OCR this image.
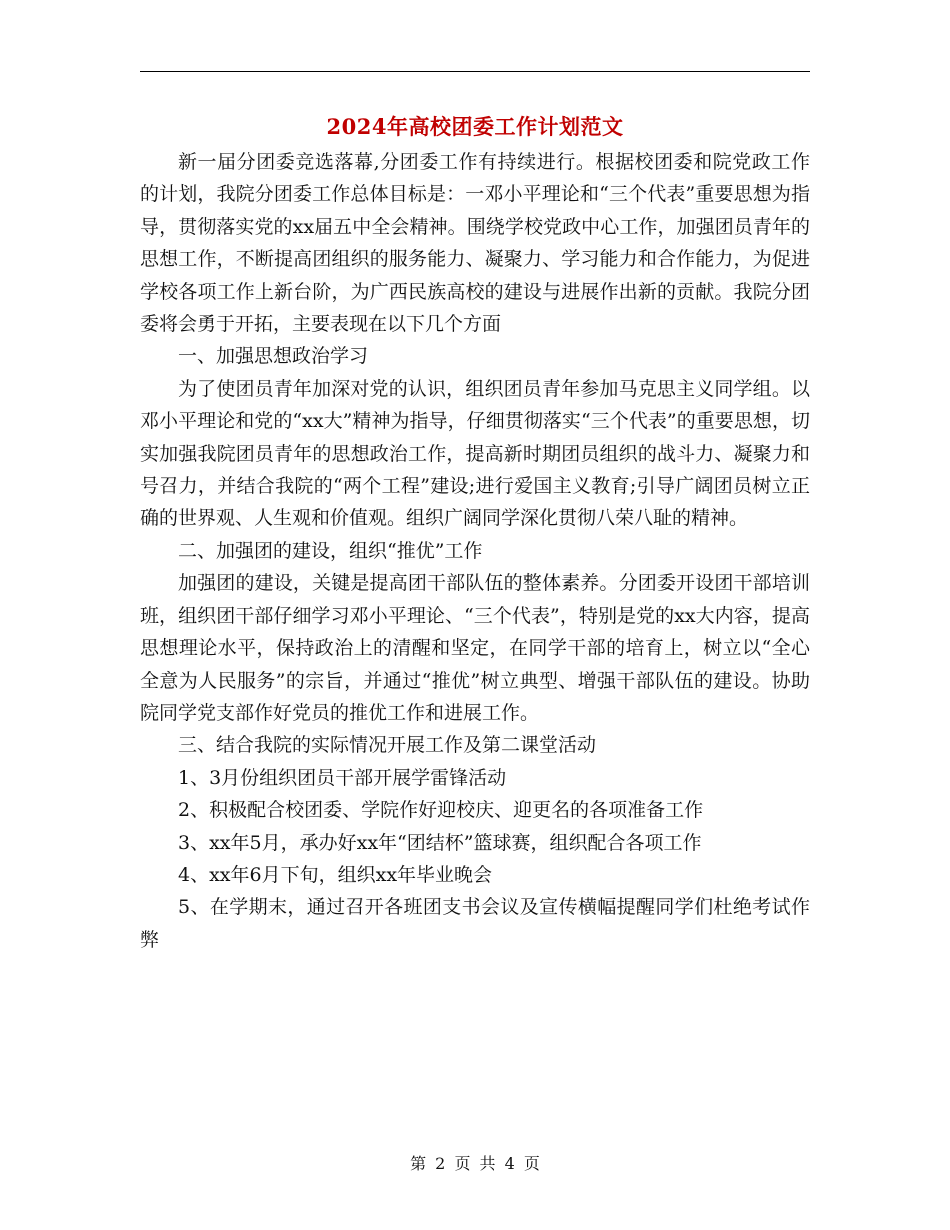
2024年高校团委工作计划范文

新一届分团委竞选落幕,分团委工作有持续进行。根据校团委和院党政工作的计划，我院分团委工作总体目标是：一邓小平理论和“三个代表”重要思想为指导，贯彻落实党的xx届五中全会精神。围绕学校党政中心工作，加强团员青年的思想工作，不断提高团组织的服务能力、凝聚力、学习能力和合作能力，为促进学校各项工作上新台阶，为广西民族高校的建设与进展作出新的贡献。我院分团委将会勇于开拓，主要表现在以下几个方面

一、加强思想政治学习

为了使团员青年加深对党的认识，组织团员青年参加马克思主义同学组。以邓小平理论和党的“xx大”精神为指导，仔细贯彻落实“三个代表”的重要思想，切实加强我院团员青年的思想政治工作，提高新时期团员组织的战斗力、凝聚力和号召力，并结合我院的“两个工程”建设;进行爱国主义教育;引导广阔团员树立正确的世界观、人生观和价值观。组织广阔同学深化贯彻八荣八耻的精神。

二、加强团的建设，组织“推优”工作

加强团的建设，关键是提高团干部队伍的整体素养。分团委开设团干部培训班，组织团干部仔细学习邓小平理论、“三个代表”，特别是党的xx大内容，提高思想理论水平，保持政治上的清醒和坚定，在同学干部的培育上，树立以“全心全意为人民服务”的宗旨，并通过“推优”树立典型、增强干部队伍的建设。协助院同学党支部作好党员的推优工作和进展工作。

三、结合我院的实际情况开展工作及第二课堂活动

1、3月份组织团员干部开展学雷锋活动

2、积极配合校团委、学院作好迎校庆、迎更名的各项准备工作

3、xx年5月，承办好xx年“团结杯”篮球赛，组织配合各项工作

4、xx年6月下旬，组织xx年毕业晚会

5、在学期末，通过召开各班团支书会议及宣传横幅提醒同学们杜绝考试作弊

第 2 页 共 4 页
